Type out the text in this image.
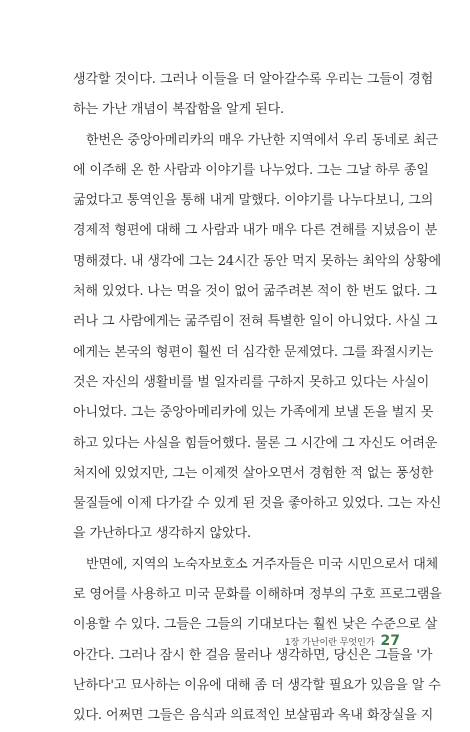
생각할 것이다. 그러나 이들을 더 알아갈수록 우리는 그들이 경험
하는 가난 개념이 복잡함을 알게 된다.
한번은 중앙아메리카의 매우 가난한 지역에서 우리 동네로 최근
에 이주해 온 한 사람과 이야기를 나누었다. 그는 그날 하루 종일
굶었다고 통역인을 통해 내게 말했다. 이야기를 나누다보니, 그의
경제적 형편에 대해 그 사람과 내가 매우 다른 견해를 지녔음이 분
명해졌다. 내 생각에 그는 24시간 동안 먹지 못하는 최악의 상황에
처해 있었다. 나는 먹을 것이 없어 굶주려본 적이 한 번도 없다. 그
러나 그 사람에게는 굶주림이 전혀 특별한 일이 아니었다. 사실 그
에게는 본국의 형편이 훨씬 더 심각한 문제였다. 그를 좌절시키는
것은 자신의 생활비를 벌 일자리를 구하지 못하고 있다는 사실이
아니었다. 그는 중앙아메리카에 있는 가족에게 보낼 돈을 벌지 못
하고 있다는 사실을 힘들어했다. 물론 그 시간에 그 자신도 어려운
처지에 있었지만, 그는 이제껏 살아오면서 경험한 적 없는 풍성한
물질들에 이제 다가갈 수 있게 된 것을 좋아하고 있었다. 그는 자신
을 가난하다고 생각하지 않았다.
반면에, 지역의 노숙자보호소 거주자들은 미국 시민으로서 대체
로 영어를 사용하고 미국 문화를 이해하며 정부의 구호 프로그램을
이용할 수 있다. 그들은 그들의 기대보다는 훨씬 낮은 수준으로 살
아간다. 그러나 잠시 한 걸음 물러나 생각하면, 당신은 그들을 '가
난하다'고 묘사하는 이유에 대해 좀 더 생각할 필요가 있음을 알 수
있다. 어쩌면 그들은 음식과 의료적인 보살핌과 옥내 화장실을 지
1장 가난이란 무엇인가 27
